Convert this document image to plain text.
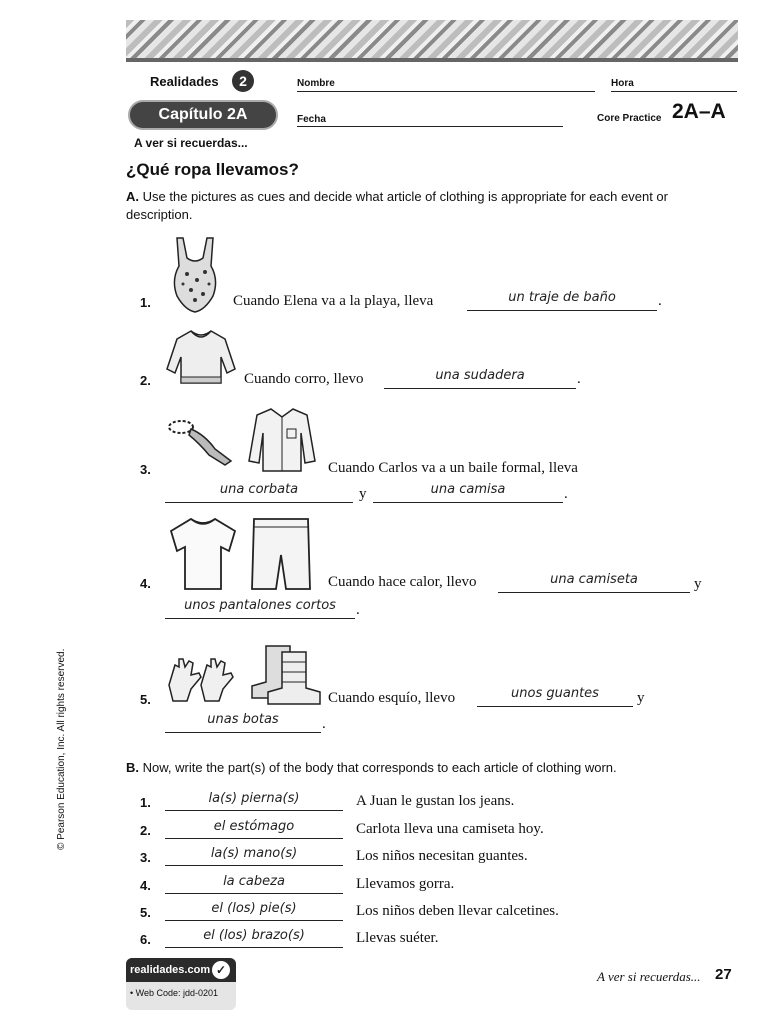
Realidades	2	Nombre	Hora
Capítulo 2A	Fecha	Core Practice 2A–A
A ver si recuerdas...
¿Qué ropa llevamos?
A. Use the pictures as cues and decide what article of clothing is appropriate for each event or description.
1.	Cuando Elena va a la playa, lleva	un traje de baño	.
2.	Cuando corro, llevo	una sudadera	.
3.	Cuando Carlos va a un baile formal, lleva
una corbata	y	una camisa	.
4.	Cuando hace calor, llevo	una camiseta	y
unos pantalones cortos	.
5.	Cuando esquío, llevo	unos guantes	y
unas botas	.
B. Now, write the part(s) of the body that corresponds to each article of clothing worn.
1.	la(s) pierna(s)	A Juan le gustan los jeans.
2.	el estómago	Carlota lleva una camiseta hoy.
3.	la(s) mano(s)	Los niños necesitan guantes.
4.	la cabeza	Llevamos gorra.
5.	el (los) pie(s)	Los niños deben llevar calcetines.
6.	el (los) brazo(s)	Llevas suéter.
© Pearson Education, Inc. All rights reserved.
realidades.com ✓
• Web Code: jdd-0201
A ver si recuerdas... 27
